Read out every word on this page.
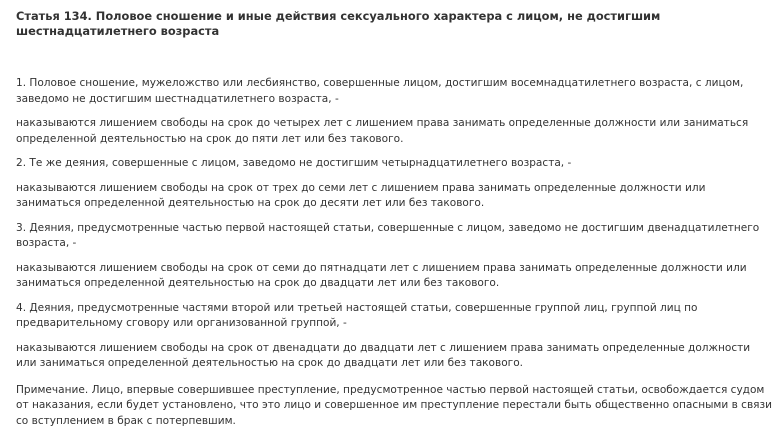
Статья 134. Половое сношение и иные действия сексуального характера с лицом, не достигшим шестнадцатилетнего возраста

1. Половое сношение, мужеложство или лесбиянство, совершенные лицом, достигшим восемнадцатилетнего возраста, с лицом, заведомо не достигшим шестнадцатилетнего возраста, -

наказываются лишением свободы на срок до четырех лет с лишением права занимать определенные должности или заниматься определенной деятельностью на срок до пяти лет или без такового.

2. Те же деяния, совершенные с лицом, заведомо не достигшим четырнадцатилетнего возраста, -

наказываются лишением свободы на срок от трех до семи лет с лишением права занимать определенные должности или заниматься определенной деятельностью на срок до десяти лет или без такового.

3. Деяния, предусмотренные частью первой настоящей статьи, совершенные с лицом, заведомо не достигшим двенадцатилетнего возраста, -

наказываются лишением свободы на срок от семи до пятнадцати лет с лишением права занимать определенные должности или заниматься определенной деятельностью на срок до двадцати лет или без такового.

4. Деяния, предусмотренные частями второй или третьей настоящей статьи, совершенные группой лиц, группой лиц по предварительному сговору или организованной группой, -

наказываются лишением свободы на срок от двенадцати до двадцати лет с лишением права занимать определенные должности или заниматься определенной деятельностью на срок до двадцати лет или без такового.

Примечание. Лицо, впервые совершившее преступление, предусмотренное частью первой настоящей статьи, освобождается судом от наказания, если будет установлено, что это лицо и совершенное им преступление перестали быть общественно опасными в связи со вступлением в брак с потерпевшим.
